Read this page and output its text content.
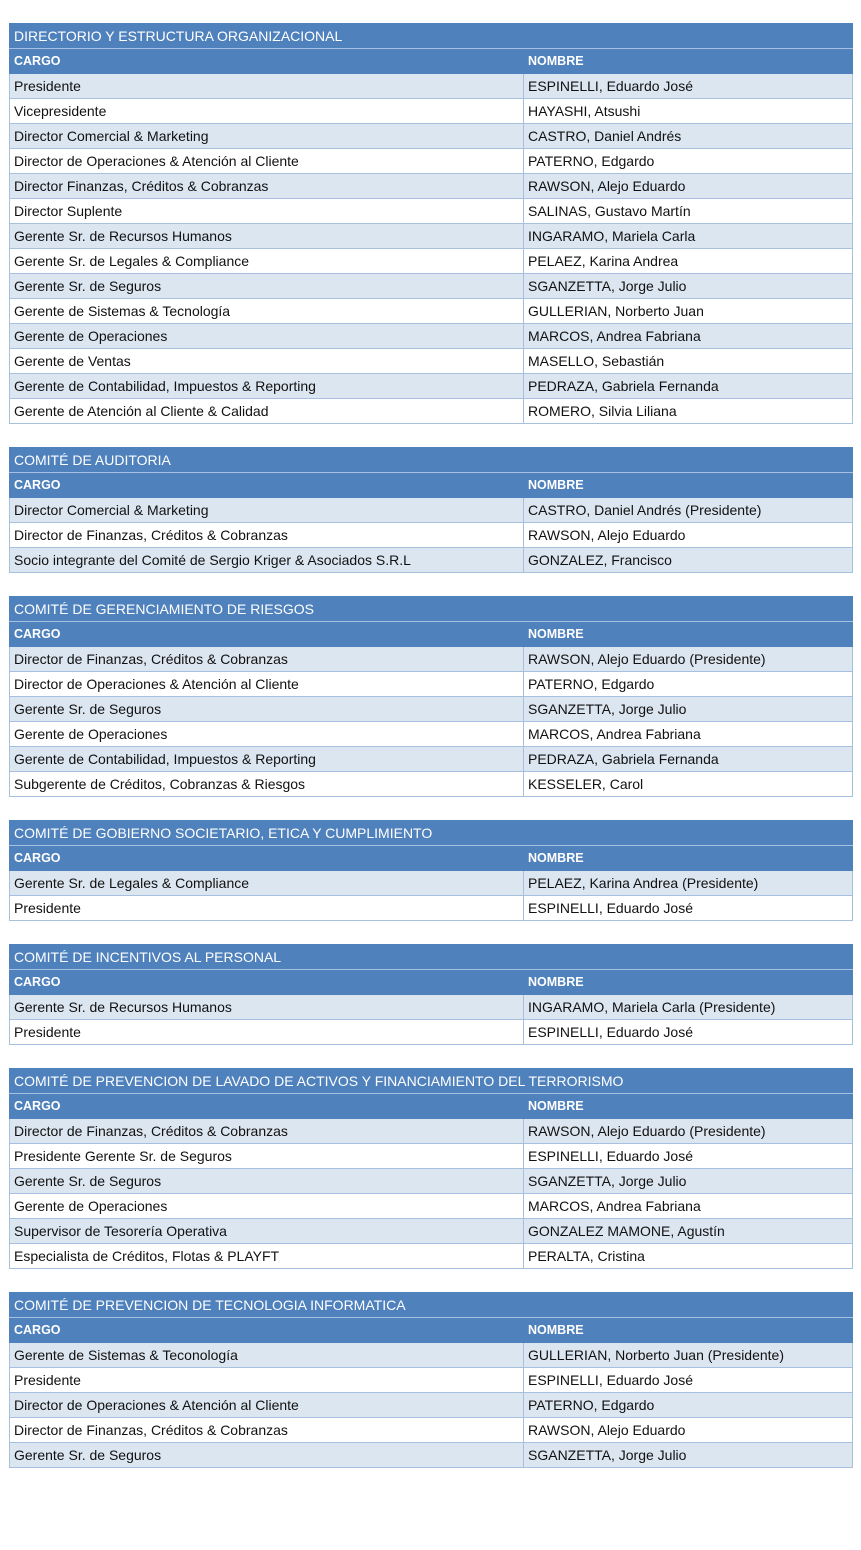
DIRECTORIO Y ESTRUCTURA ORGANIZACIONAL	
CARGO	NOMBRE
Presidente	ESPINELLI, Eduardo José
Vicepresidente	HAYASHI, Atsushi
Director Comercial & Marketing	CASTRO, Daniel Andrés
Director de Operaciones & Atención al Cliente	PATERNO, Edgardo
Director Finanzas, Créditos & Cobranzas	RAWSON, Alejo Eduardo
Director Suplente	SALINAS, Gustavo Martín
Gerente Sr. de Recursos Humanos	INGARAMO, Mariela Carla
Gerente Sr. de Legales & Compliance	PELAEZ, Karina Andrea
Gerente Sr. de Seguros	SGANZETTA, Jorge Julio
Gerente de Sistemas & Tecnología	GULLERIAN, Norberto Juan
Gerente de Operaciones	MARCOS, Andrea Fabriana
Gerente de Ventas	MASELLO, Sebastián
Gerente de Contabilidad, Impuestos & Reporting	PEDRAZA, Gabriela Fernanda
Gerente de Atención al Cliente & Calidad	ROMERO, Silvia Liliana
COMITÉ DE AUDITORIA	
CARGO	NOMBRE
Director Comercial & Marketing	CASTRO, Daniel Andrés (Presidente)
Director de Finanzas, Créditos & Cobranzas	RAWSON, Alejo Eduardo
Socio integrante del Comité de Sergio Kriger & Asociados S.R.L	GONZALEZ, Francisco
COMITÉ DE GERENCIAMIENTO DE RIESGOS	
CARGO	NOMBRE
Director de Finanzas, Créditos & Cobranzas	RAWSON, Alejo Eduardo (Presidente)
Director de Operaciones & Atención al Cliente	PATERNO, Edgardo
Gerente Sr. de Seguros	SGANZETTA, Jorge Julio
Gerente de Operaciones	MARCOS, Andrea Fabriana
Gerente de Contabilidad, Impuestos & Reporting	PEDRAZA, Gabriela Fernanda
Subgerente de Créditos, Cobranzas & Riesgos	KESSELER, Carol
COMITÉ DE GOBIERNO SOCIETARIO, ETICA Y CUMPLIMIENTO	
CARGO	NOMBRE
Gerente Sr. de Legales & Compliance	PELAEZ, Karina Andrea (Presidente)
Presidente	ESPINELLI, Eduardo José
COMITÉ DE INCENTIVOS AL PERSONAL	
CARGO	NOMBRE
Gerente Sr. de Recursos Humanos	INGARAMO, Mariela Carla (Presidente)
Presidente	ESPINELLI, Eduardo José
COMITÉ DE PREVENCION DE LAVADO DE ACTIVOS Y FINANCIAMIENTO DEL TERRORISMO	
CARGO	NOMBRE
Director de Finanzas, Créditos & Cobranzas	RAWSON, Alejo Eduardo (Presidente)
Presidente Gerente Sr. de Seguros	ESPINELLI, Eduardo José
Gerente Sr. de Seguros	SGANZETTA, Jorge Julio
Gerente de Operaciones	MARCOS, Andrea Fabriana
Supervisor de Tesorería Operativa	GONZALEZ MAMONE, Agustín
Especialista de Créditos, Flotas & PLAYFT	PERALTA, Cristina
COMITÉ DE PREVENCION DE TECNOLOGIA INFORMATICA	
CARGO	NOMBRE
Gerente de Sistemas & Teconología	GULLERIAN, Norberto Juan (Presidente)
Presidente	ESPINELLI, Eduardo José
Director de Operaciones & Atención al Cliente	PATERNO, Edgardo
Director de Finanzas, Créditos & Cobranzas	RAWSON, Alejo Eduardo
Gerente Sr. de Seguros	SGANZETTA, Jorge Julio
